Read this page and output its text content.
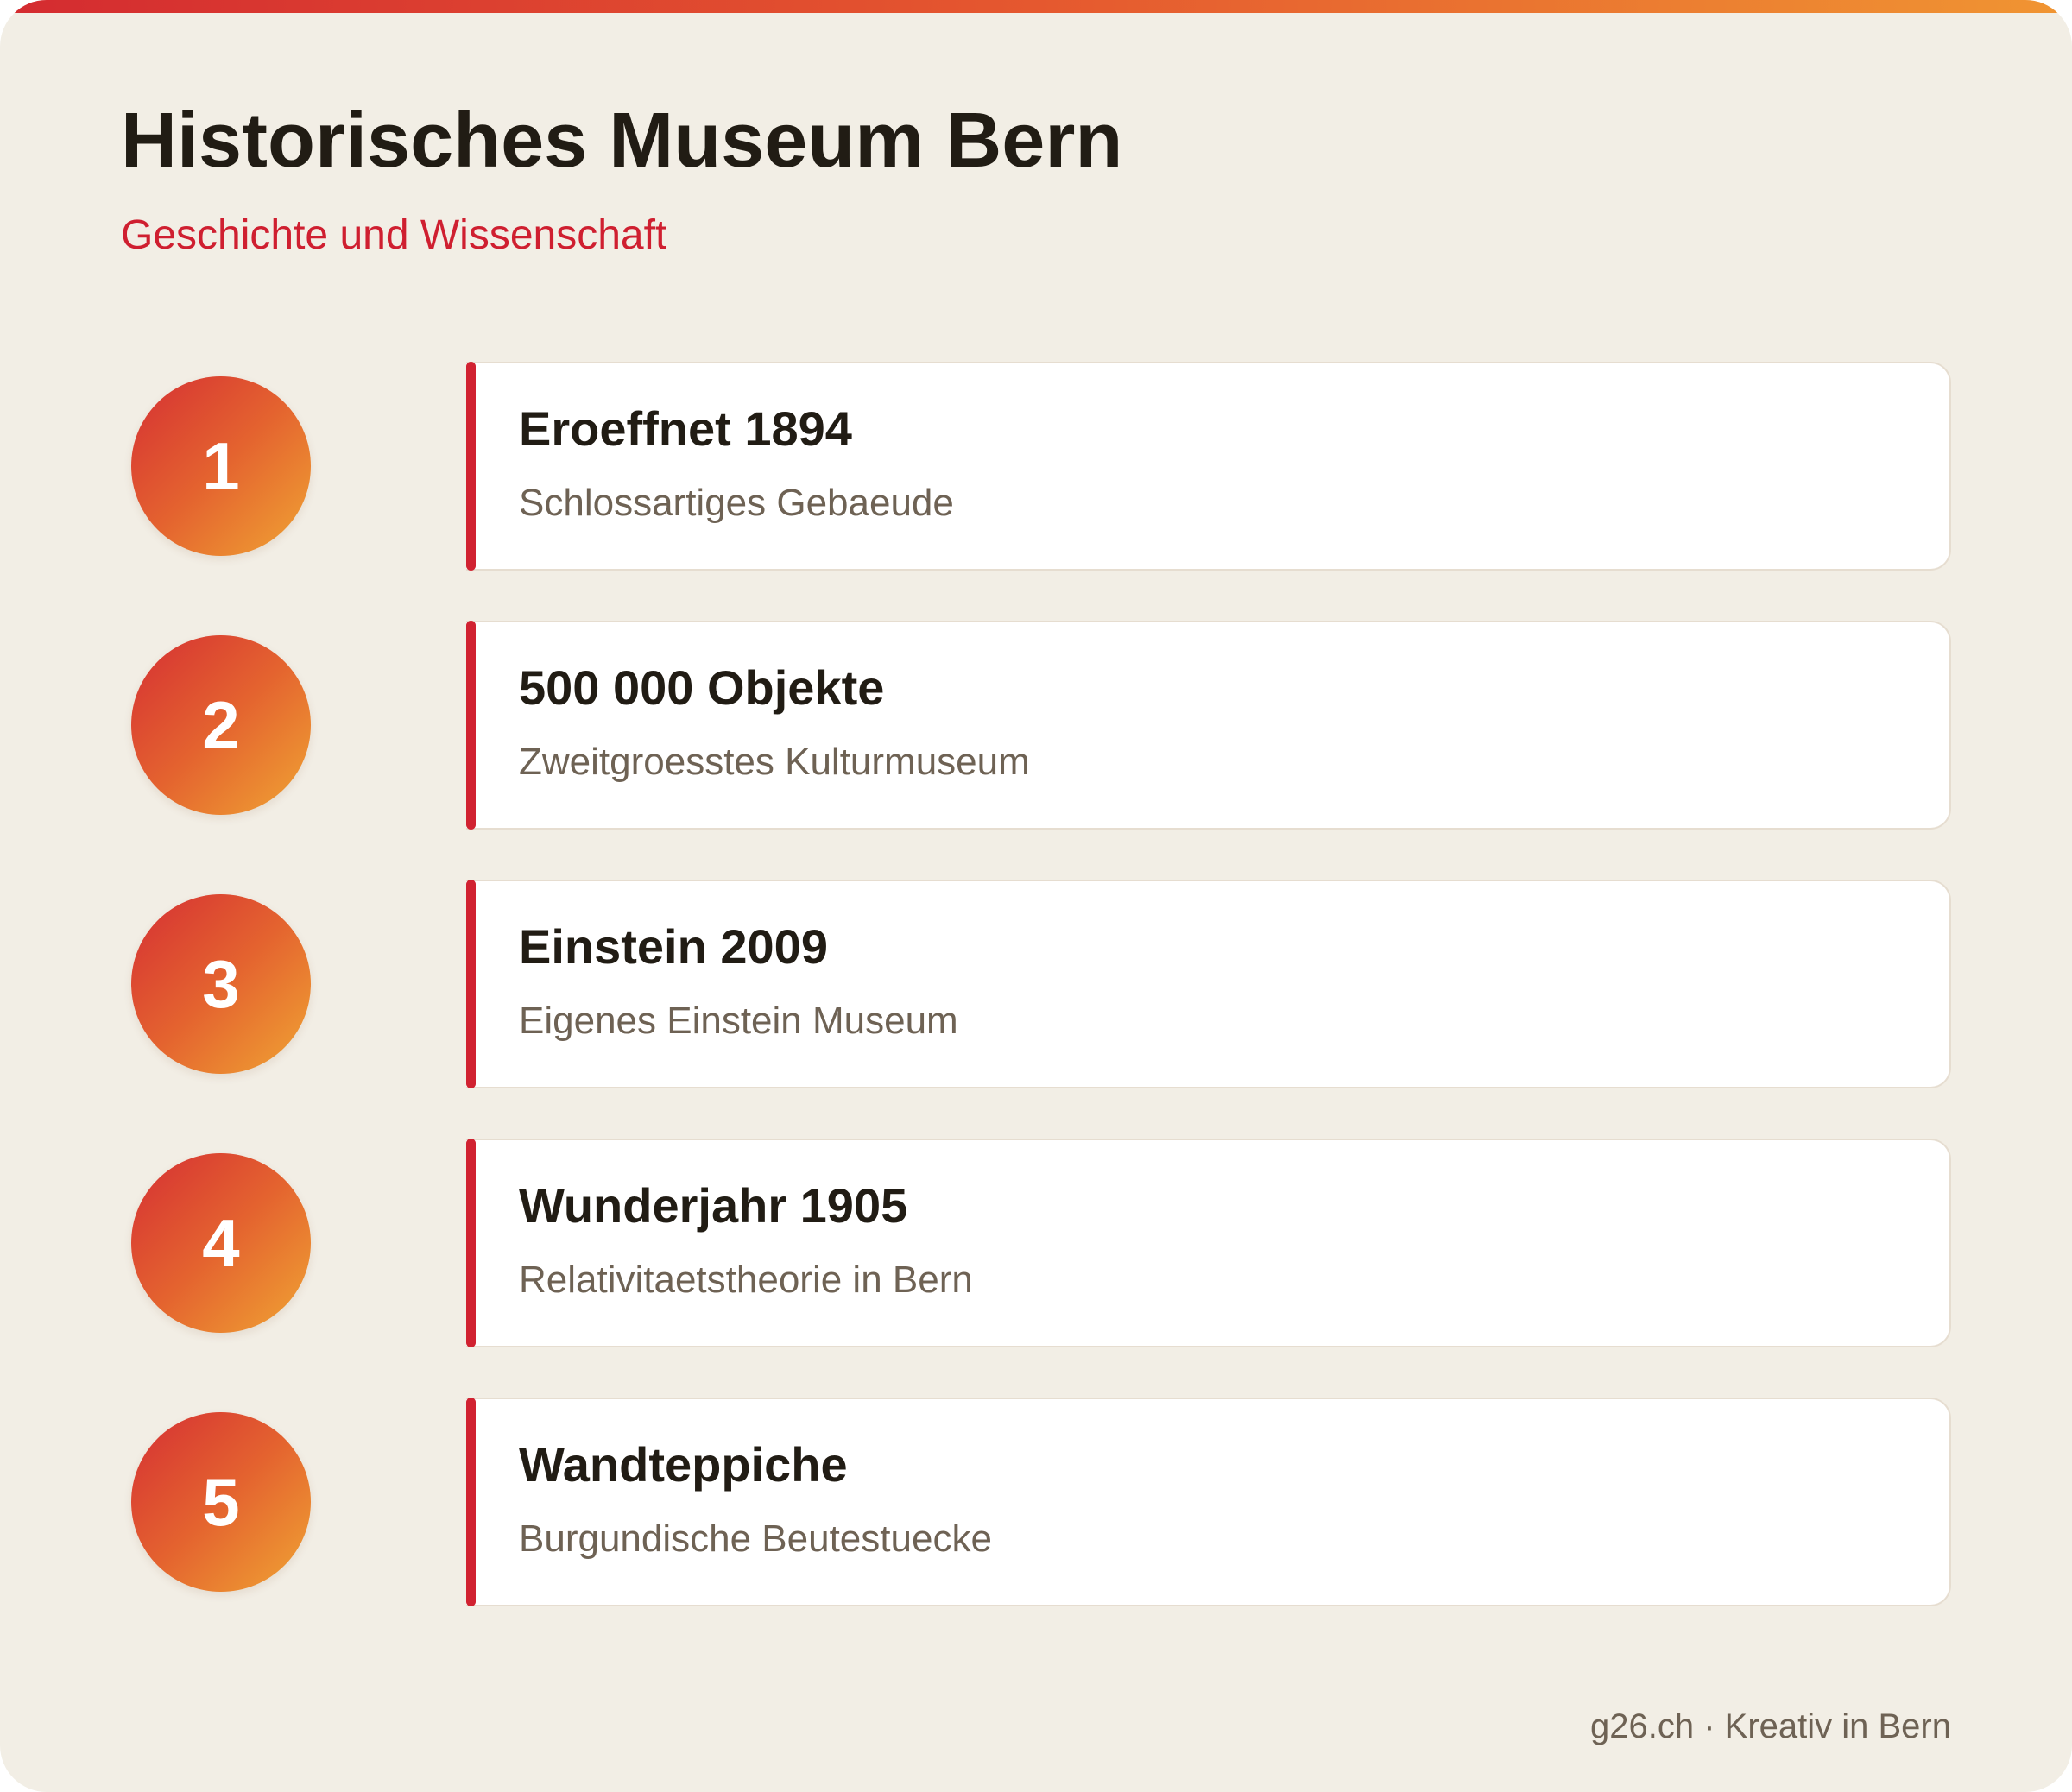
Historisches Museum Bern

Geschichte und Wissenschaft

1	Eroeffnet 1894

Schlossartiges Gebaeude

2	500 000 Objekte

Zweitgroesstes Kulturmuseum

3	Einstein 2009

Eigenes Einstein Museum

4	Wunderjahr 1905

Relativitaetstheorie in Bern

5	Wandteppiche

Burgundische Beutestuecke

g26.ch · Kreativ in Bern
